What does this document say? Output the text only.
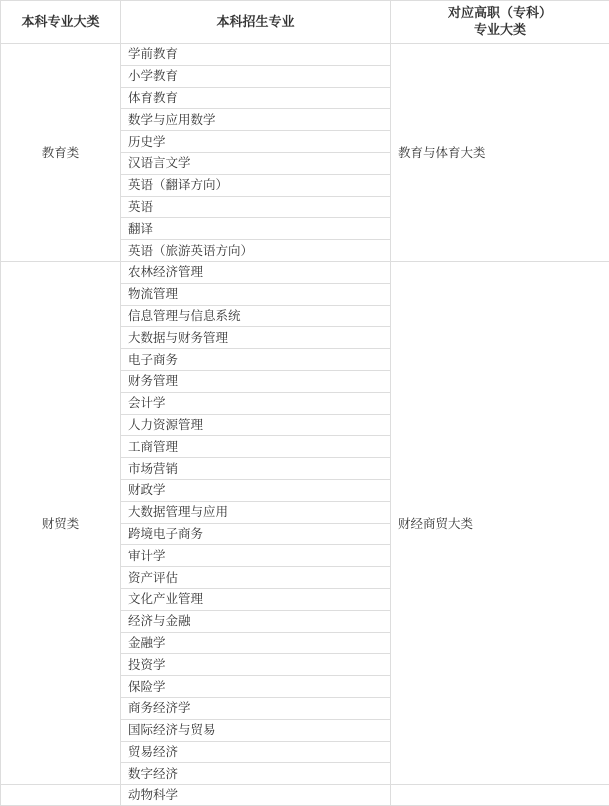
本科专业大类	本科招生专业	对应高职（专科）
专业大类

教育类	学前教育	教育与体育大类
	小学教育	
	体育教育	
	数学与应用数学	
	历史学	
	汉语言文学	
	英语（翻译方向）	
	英语	
	翻译	
	英语（旅游英语方向）	
财贸类	农林经济管理	财经商贸大类
	物流管理	
	信息管理与信息系统	
	大数据与财务管理	
	电子商务	
	财务管理	
	会计学	
	人力资源管理	
	工商管理	
	市场营销	
	财政学	
	大数据管理与应用	
	跨境电子商务	
	审计学	
	资产评估	
	文化产业管理	
	经济与金融	
	金融学	
	投资学	
	保险学	
	商务经济学	
	国际经济与贸易	
	贸易经济	
	数字经济	
	动物科学	
